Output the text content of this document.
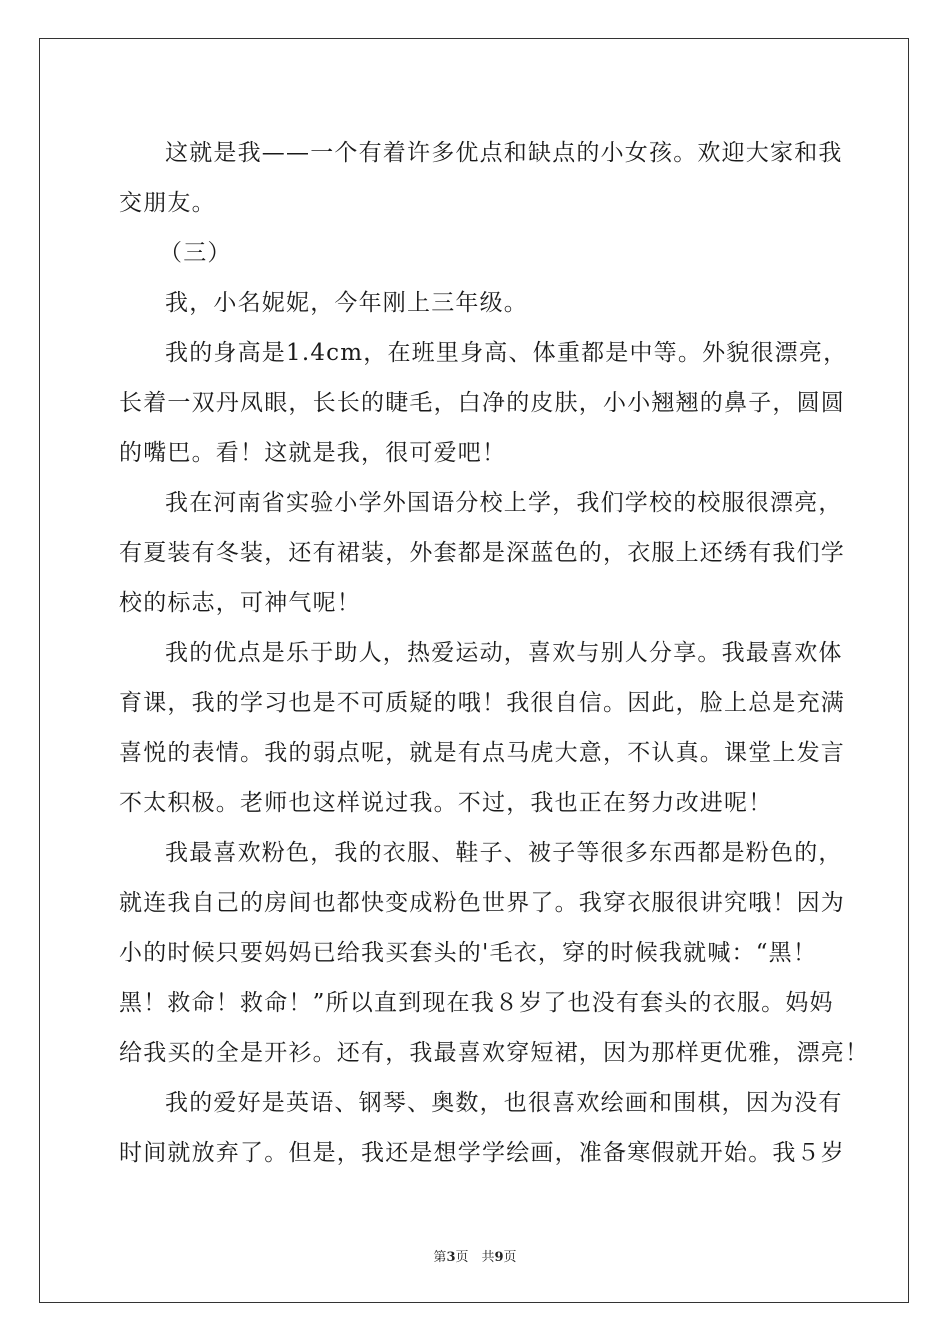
这就是我——一个有着许多优点和缺点的小女孩。欢迎大家和我
交朋友。
（三）
我，小名妮妮，今年刚上三年级。
我的身高是1.4cm，在班里身高、体重都是中等。外貌很漂亮，
长着一双丹凤眼，长长的睫毛，白净的皮肤，小小翘翘的鼻子，圆圆
的嘴巴。看！这就是我，很可爱吧！
我在河南省实验小学外国语分校上学，我们学校的校服很漂亮，
有夏装有冬装，还有裙装，外套都是深蓝色的，衣服上还绣有我们学
校的标志，可神气呢！
我的优点是乐于助人，热爱运动，喜欢与别人分享。我最喜欢体
育课，我的学习也是不可质疑的哦！我很自信。因此，脸上总是充满
喜悦的表情。我的弱点呢，就是有点马虎大意，不认真。课堂上发言
不太积极。老师也这样说过我。不过，我也正在努力改进呢！
我最喜欢粉色，我的衣服、鞋子、被子等很多东西都是粉色的，
就连我自己的房间也都快变成粉色世界了。我穿衣服很讲究哦！因为
小的时候只要妈妈已给我买套头的'毛衣，穿的时候我就喊：“黑！
黑！救命！救命！”所以直到现在我８岁了也没有套头的衣服。妈妈
给我买的全是开衫。还有，我最喜欢穿短裙，因为那样更优雅，漂亮！
我的爱好是英语、钢琴、奥数，也很喜欢绘画和围棋，因为没有
时间就放弃了。但是，我还是想学学绘画，准备寒假就开始。我５岁
第3页　共9页
